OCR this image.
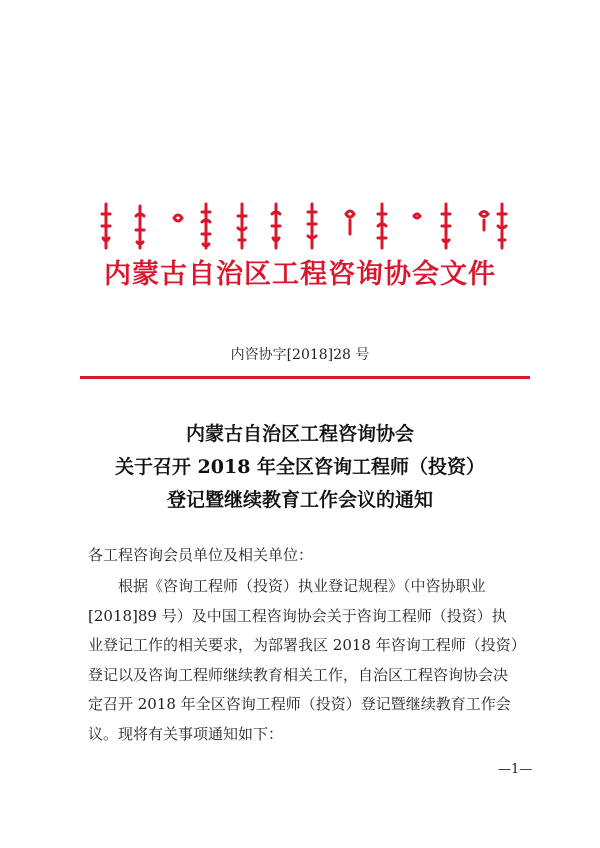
内蒙古自治区工程咨询协会文件
内咨协字[2018]28 号
内蒙古自治区工程咨询协会
关于召开 2018 年全区咨询工程师（投资）
登记暨继续教育工作会议的通知
各工程咨询会员单位及相关单位：
根据《咨询工程师（投资）执业登记规程》（中咨协职业
[2018]89 号）及中国工程咨询协会关于咨询工程师（投资）执
业登记工作的相关要求，为部署我区 2018 年咨询工程师（投资）
登记以及咨询工程师继续教育相关工作，自治区工程咨询协会决
定召开 2018 年全区咨询工程师（投资）登记暨继续教育工作会
议。现将有关事项通知如下：
—1—
